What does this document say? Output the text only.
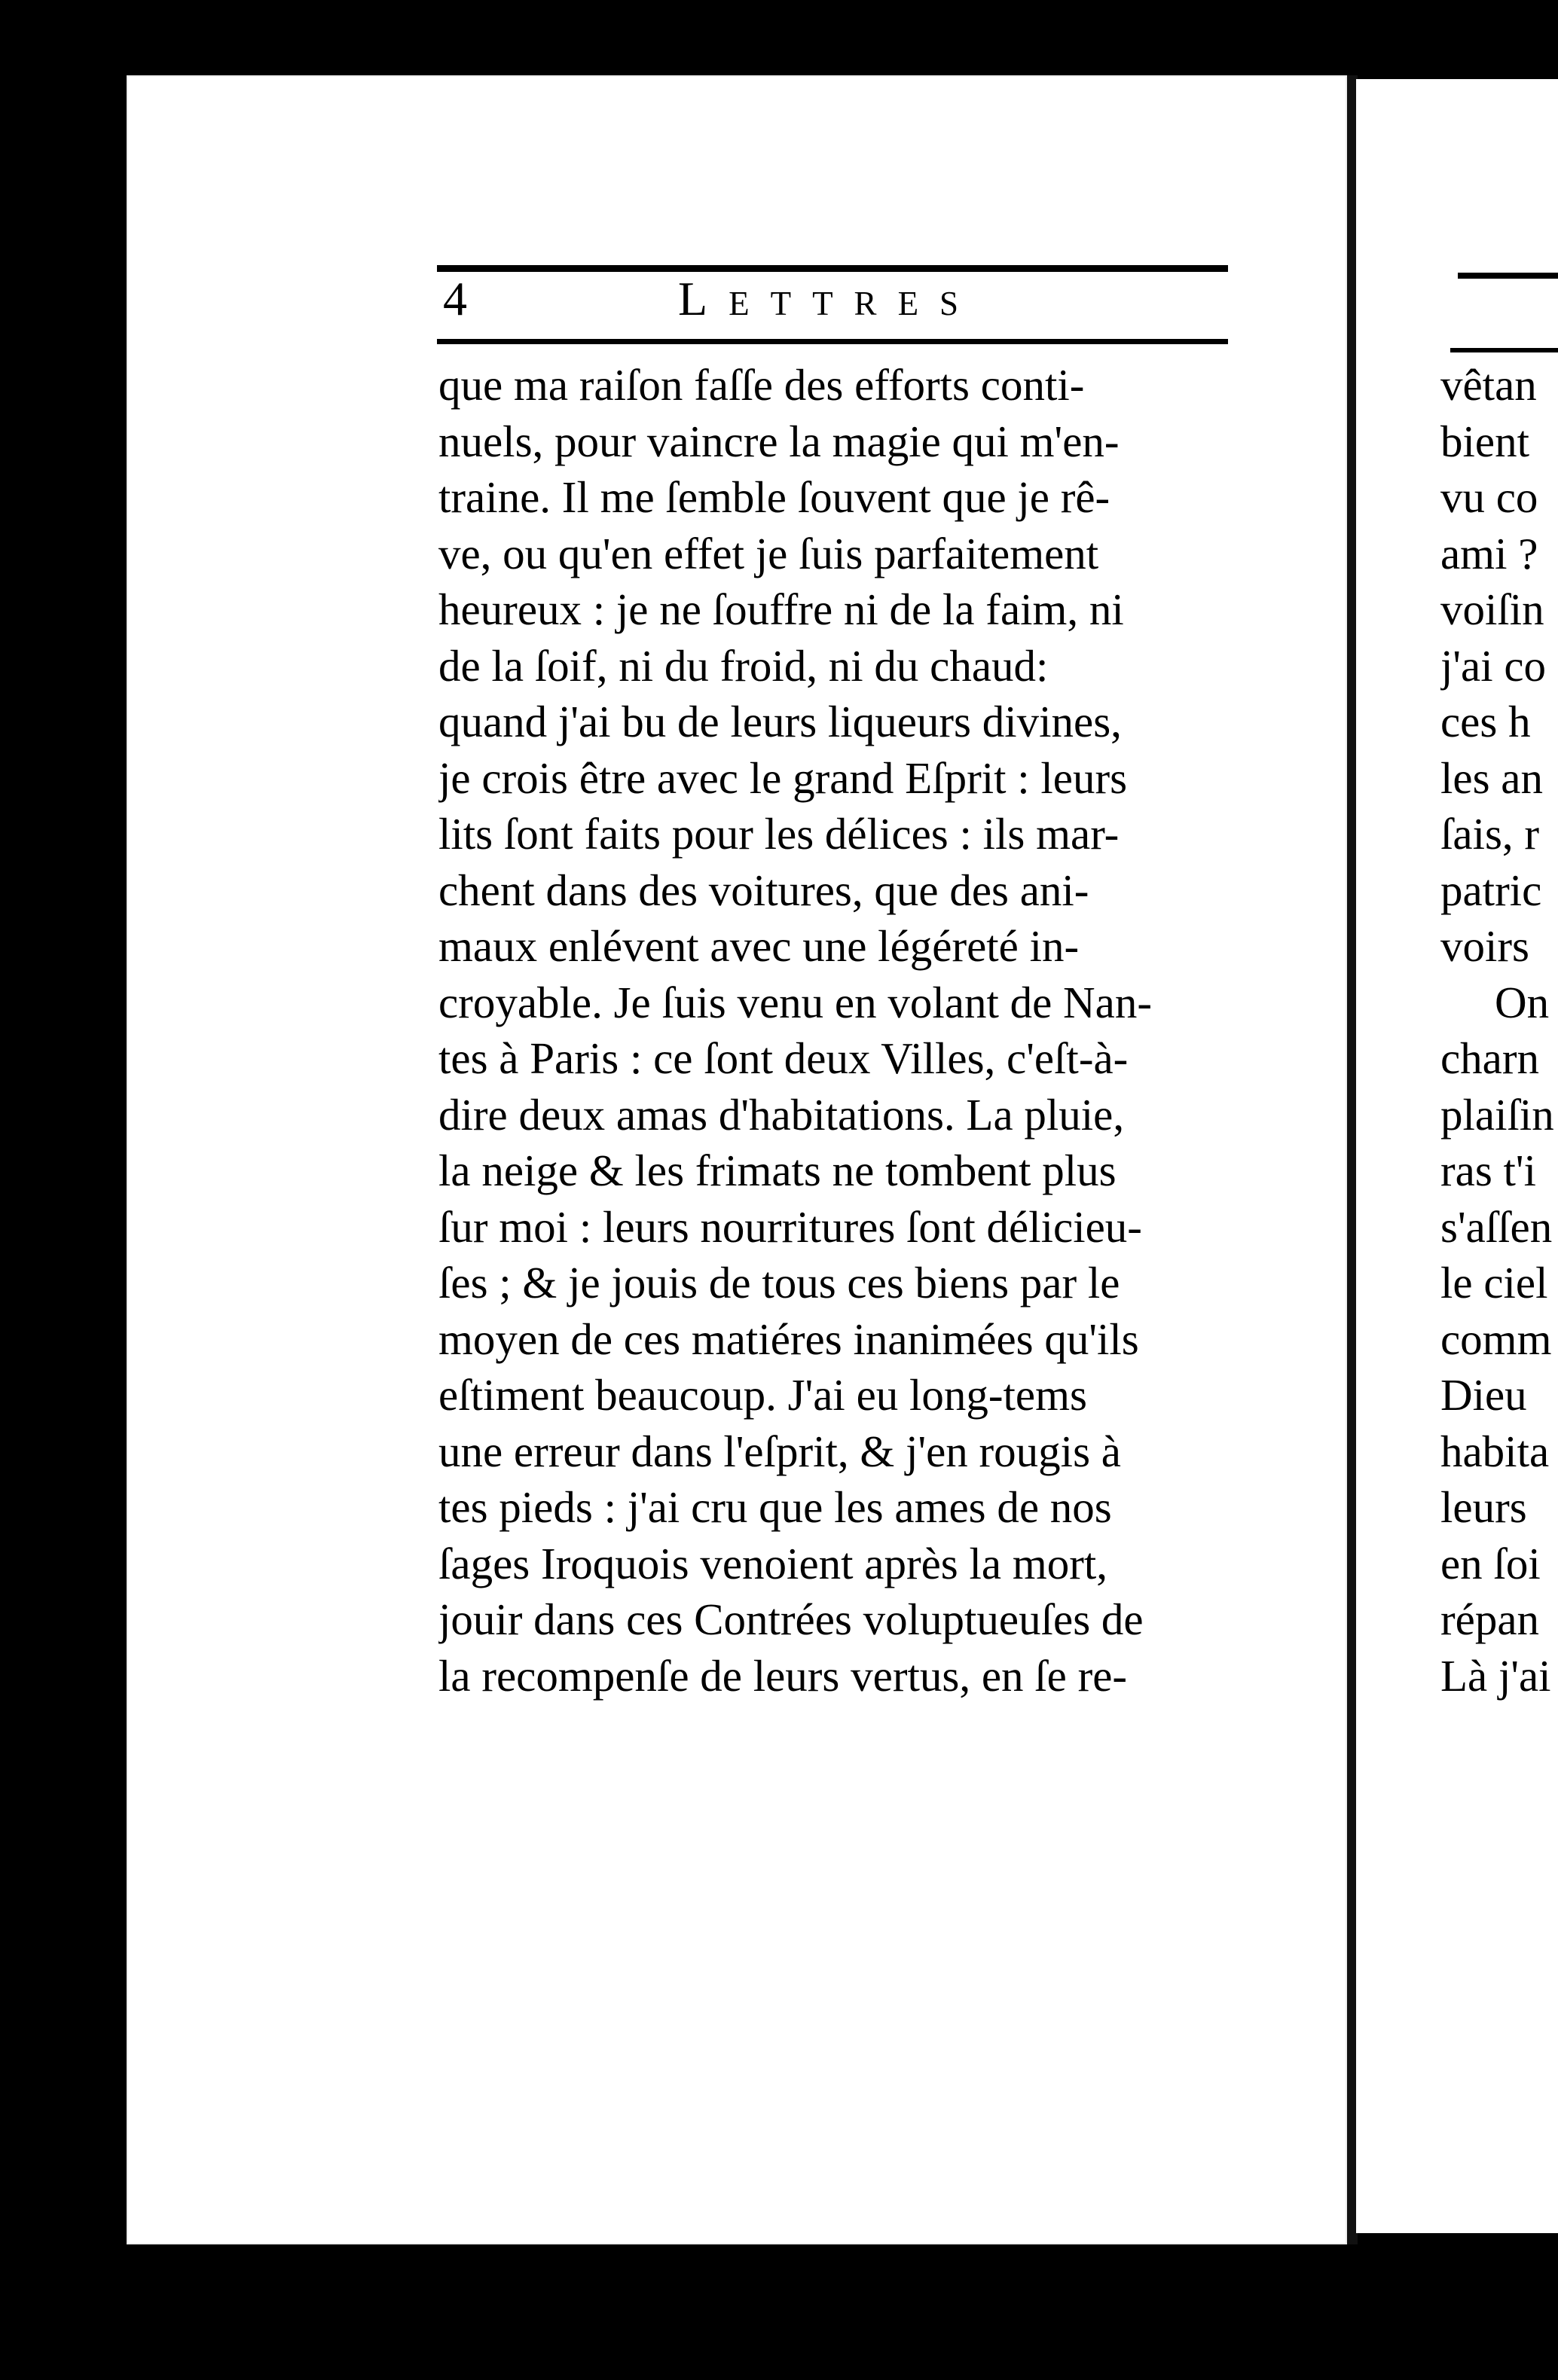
4	Lettres
que ma raiſon faſſe des efforts conti-
nuels, pour vaincre la magie qui m'en-
traine. Il me ſemble ſouvent que je rê-
ve, ou qu'en effet je ſuis parfaitement
heureux : je ne ſouffre ni de la faim, ni
de la ſoif, ni du froid, ni du chaud:
quand j'ai bu de leurs liqueurs divines,
je crois être avec le grand Eſprit : leurs
lits ſont faits pour les délices : ils mar-
chent dans des voitures, que des ani-
maux enlévent avec une légéreté in-
croyable. Je ſuis venu en volant de Nan-
tes à Paris : ce ſont deux Villes, c'eſt-à-
dire deux amas d'habitations. La pluie,
la neige & les frimats ne tombent plus
ſur moi : leurs nourritures ſont délicieu-
ſes ; & je jouis de tous ces biens par le
moyen de ces matiéres inanimées qu'ils
eſtiment beaucoup. J'ai eu long-tems
une erreur dans l'eſprit, & j'en rougis à
tes pieds : j'ai cru que les ames de nos
ſages Iroquois venoient après la mort,
jouir dans ces Contrées voluptueuſes de
la recompenſe de leurs vertus, en ſe re-
vêtan
bient
vu co
ami ?
voiſin
j'ai co
ces h
les an
ſais, r
patric
voirs
On
charn
plaiſin
ras t'i
s'aſſen
le ciel
comm
Dieu
habita
leurs
en ſoi
répan
Là j'ai
